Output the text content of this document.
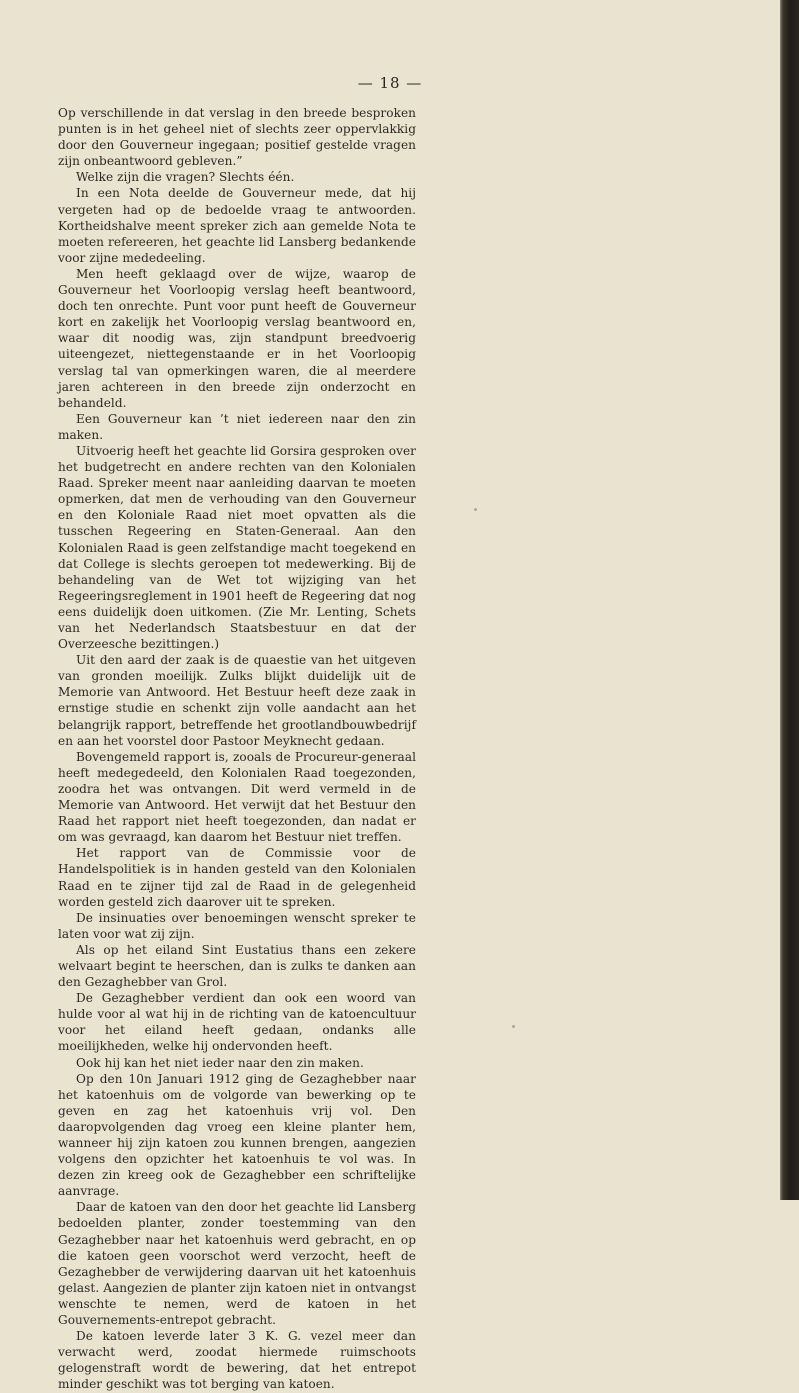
— 18 —

Op verschillende in dat verslag in den breede besproken punten is in het geheel niet of slechts zeer oppervlakkig door den Gouverneur ingegaan; positief gestelde vragen zijn onbeantwoord gebleven.”

Welke zijn die vragen? Slechts één.

In een Nota deelde de Gouverneur mede, dat hij vergeten had op de bedoelde vraag te antwoorden. Kortheidshalve meent spreker zich aan gemelde Nota te moeten refereeren, het geachte lid Lansberg bedankende voor zijne mededeeling.

Men heeft geklaagd over de wijze, waarop de Gouverneur het Voorloopig verslag heeft beantwoord, doch ten onrechte. Punt voor punt heeft de Gouverneur kort en zakelijk het Voorloopig verslag beantwoord en, waar dit noodig was, zijn standpunt breedvoerig uiteengezet, niettegenstaande er in het Voorloopig verslag tal van opmerkingen waren, die al meerdere jaren achtereen in den breede zijn onderzocht en behandeld.

Een Gouverneur kan ’t niet iedereen naar den zin maken.

Uitvoerig heeft het geachte lid Gorsira gesproken over het budgetrecht en andere rechten van den Kolonialen Raad. Spreker meent naar aanleiding daarvan te moeten opmerken, dat men de verhouding van den Gouverneur en den Koloniale Raad niet moet opvatten als die tusschen Regeering en Staten-Generaal. Aan den Kolonialen Raad is geen zelfstandige macht toegekend en dat College is slechts geroepen tot medewerking. Bij de behandeling van de Wet tot wijziging van het Regeeringsreglement in 1901 heeft de Regeering dat nog eens duidelijk doen uitkomen. (Zie Mr. Lenting, Schets van het Nederlandsch Staatsbestuur en dat der Overzeesche bezittingen.)

Uit den aard der zaak is de quaestie van het uitgeven van gronden moeilijk. Zulks blijkt duidelijk uit de Memorie van Antwoord. Het Bestuur heeft deze zaak in ernstige studie en schenkt zijn volle aandacht aan het belangrijk rapport, betreffende het grootlandbouwbedrijf en aan het voorstel door Pastoor Meyknecht gedaan.

Bovengemeld rapport is, zooals de Procureur-generaal heeft medegedeeld, den Kolonialen Raad toegezonden, zoodra het was ontvangen. Dit werd vermeld in de Memorie van Antwoord. Het verwijt dat het Bestuur den Raad het rapport niet heeft toegezonden, dan nadat er om was gevraagd, kan daarom het Bestuur niet treffen.

Het rapport van de Commissie voor de Handelspolitiek is in handen gesteld van den Kolonialen Raad en te zijner tijd zal de Raad in de gelegenheid worden gesteld zich daarover uit te spreken.

De insinuaties over benoemingen wenscht spreker te laten voor wat zij zijn.

Als op het eiland Sint Eustatius thans een zekere welvaart begint te heerschen, dan is zulks te danken aan den Gezaghebber van Grol.

De Gezaghebber verdient dan ook een woord van hulde voor al wat hij in de richting van de katoencultuur voor het eiland heeft gedaan, ondanks alle moeilijkheden, welke hij ondervonden heeft.

Ook hij kan het niet ieder naar den zin maken.

Op den 10n Januari 1912 ging de Gezaghebber naar het katoenhuis om de volgorde van bewerking op te geven en zag het katoenhuis vrij vol. Den daaropvolgenden dag vroeg een kleine planter hem, wanneer hij zijn katoen zou kunnen brengen, aangezien volgens den opzichter het katoenhuis te vol was. In dezen zin kreeg ook de Gezaghebber een schriftelijke aanvrage.

Daar de katoen van den door het geachte lid Lansberg bedoelden planter, zonder toestemming van den Gezaghebber naar het katoenhuis werd gebracht, en op die katoen geen voorschot werd verzocht, heeft de Gezaghebber de verwijdering daarvan uit het katoenhuis gelast. Aangezien de planter zijn katoen niet in ontvangst wenschte te nemen, werd de katoen in het Gouvernements-entrepot gebracht.

De katoen leverde later 3 K. G. vezel meer dan verwacht werd, zoodat hiermede ruimschoots gelogenstraft wordt de bewering, dat het entrepot minder geschikt was tot berging van katoen.
